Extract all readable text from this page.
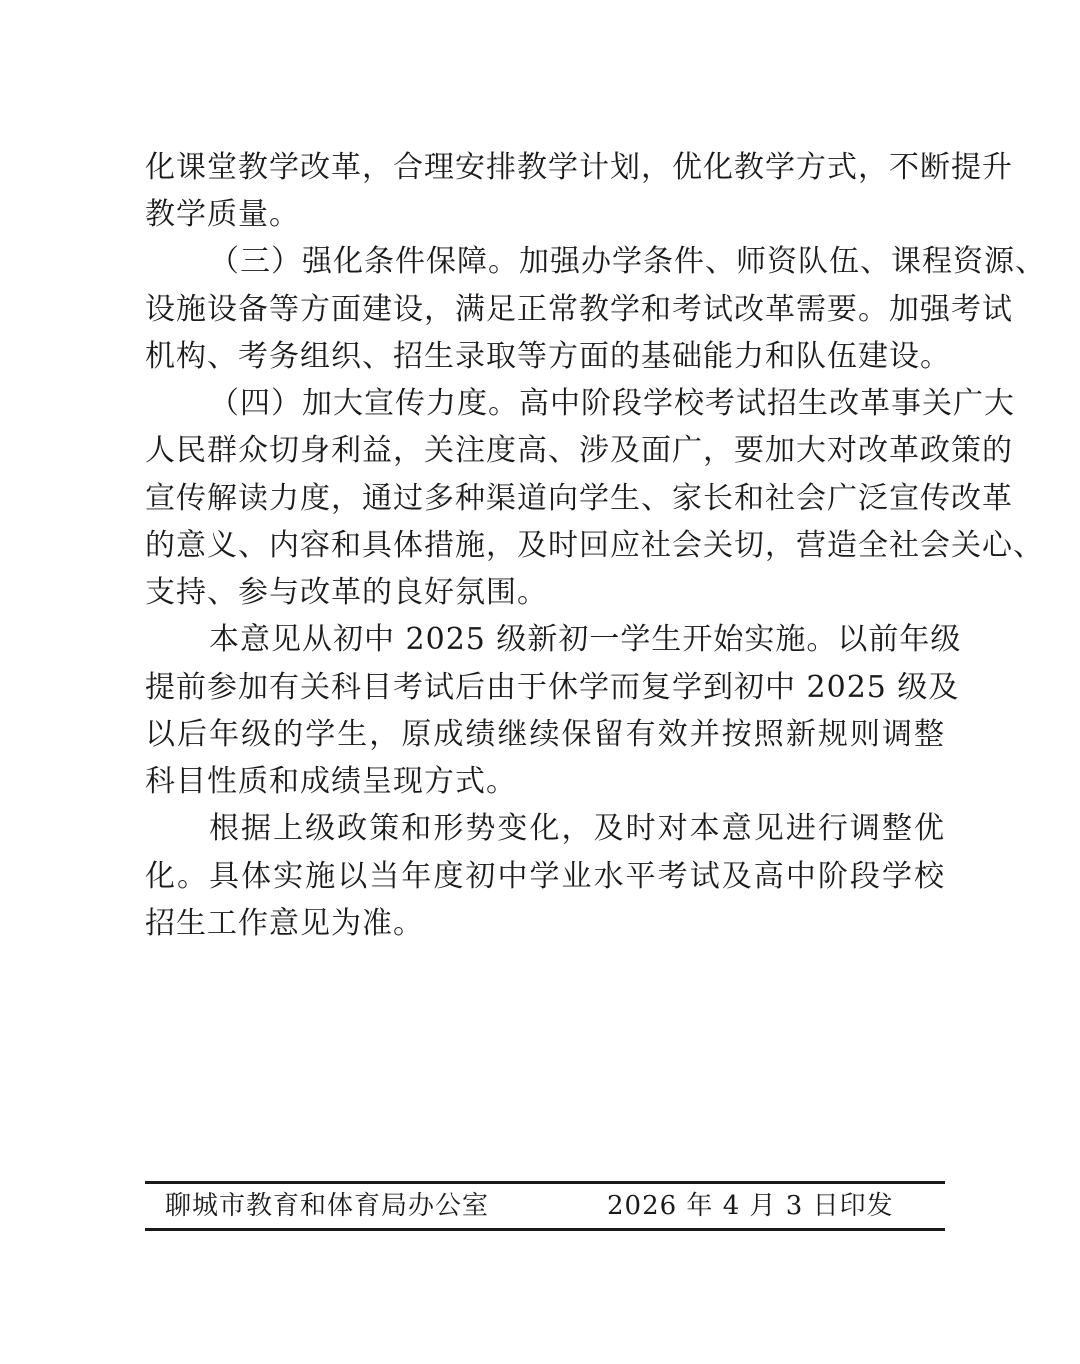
化课堂教学改革，合理安排教学计划，优化教学方式，不断提升
教学质量。
（三）强化条件保障。加强办学条件、师资队伍、课程资源、
设施设备等方面建设，满足正常教学和考试改革需要。加强考试
机构、考务组织、招生录取等方面的基础能力和队伍建设。
（四）加大宣传力度。高中阶段学校考试招生改革事关广大
人民群众切身利益，关注度高、涉及面广，要加大对改革政策的
宣传解读力度，通过多种渠道向学生、家长和社会广泛宣传改革
的意义、内容和具体措施，及时回应社会关切，营造全社会关心、
支持、参与改革的良好氛围。
本意见从初中 2025 级新初一学生开始实施。以前年级
提前参加有关科目考试后由于休学而复学到初中 2025 级及
以后年级的学生，原成绩继续保留有效并按照新规则调整
科目性质和成绩呈现方式。
根据上级政策和形势变化，及时对本意见进行调整优
化。具体实施以当年度初中学业水平考试及高中阶段学校
招生工作意见为准。
聊城市教育和体育局办公室	2026 年 4 月 3 日印发
